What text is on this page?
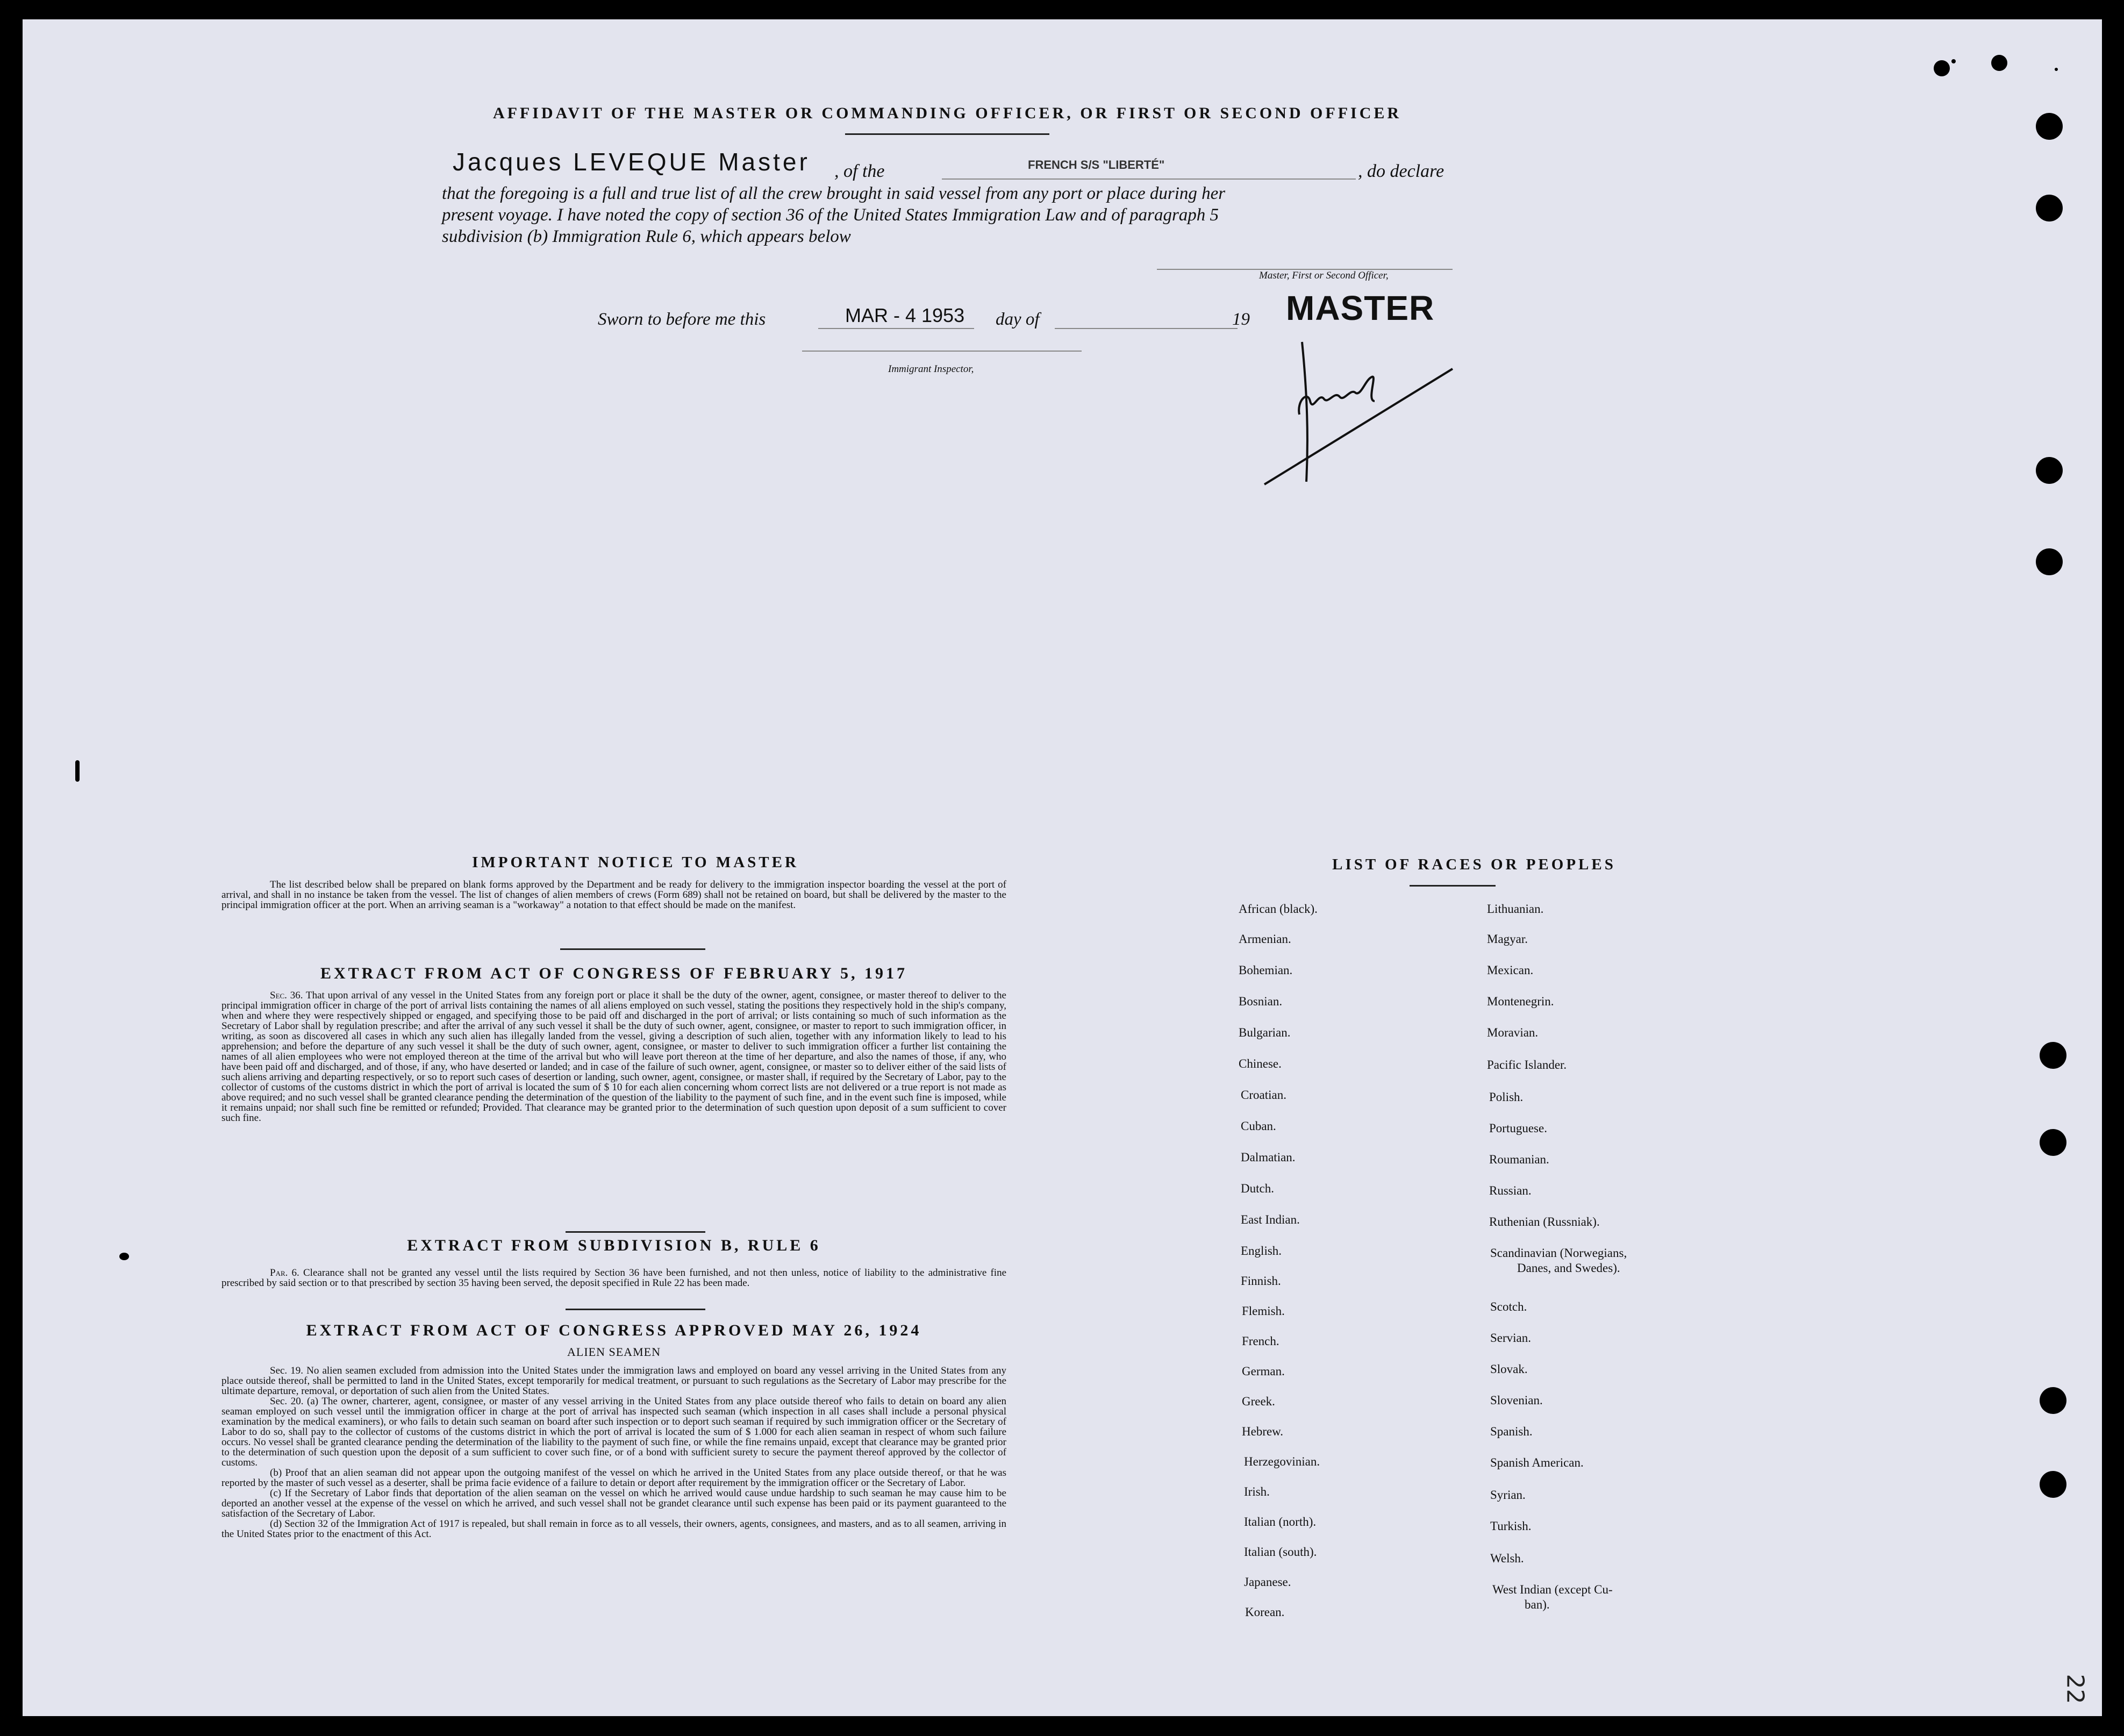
AFFIDAVIT OF THE MASTER OR COMMANDING OFFICER, OR FIRST OR SECOND OFFICER
Jacques LEVEQUE Master , of the	FRENCH S/S "LIBERTÉ"	, do declare
that the foregoing is a full and true list of all the crew brought in said vessel from any port or place during her
present voyage. I have noted the copy of section 36 of the United States Immigration Law and of paragraph 5
subdivision (b) Immigration Rule 6, which appears below
Master, First or Second Officer,
Sworn to before me this	MAR - 4 1953 day of	19 MASTER
Immigrant Inspector,
IMPORTANT NOTICE TO MASTER

The list described below shall be prepared on blank forms approved by the Department and be ready for delivery to the immigration inspector boarding the vessel at the port of arrival, and shall in no instance be taken from the vessel. The list of changes of alien members of crews (Form 689) shall not be retained on board, but shall be delivered by the master to the principal immigration officer at the port. When an arriving seaman is a "workaway" a notation to that effect should be made on the manifest.

EXTRACT FROM ACT OF CONGRESS OF FEBRUARY 5, 1917

Sec. 36. That upon arrival of any vessel in the United States from any foreign port or place it shall be the duty of the owner, agent, consignee, or master thereof to deliver to the principal immigration officer in charge of the port of arrival lists containing the names of all aliens employed on such vessel, stating the positions they respectively hold in the ship's company, when and where they were respectively shipped or engaged, and specifying those to be paid off and discharged in the port of arrival; or lists containing so much of such information as the Secretary of Labor shall by regulation prescribe; and after the arrival of any such vessel it shall be the duty of such owner, agent, consignee, or master to report to such immigration officer, in writing, as soon as discovered all cases in which any such alien has illegally landed from the vessel, giving a description of such alien, together with any information likely to lead to his apprehension; and before the departure of any such vessel it shall be the duty of such owner, agent, consignee, or master to deliver to such immigration officer a further list containing the names of all alien employees who were not employed thereon at the time of the arrival but who will leave port thereon at the time of her departure, and also the names of those, if any, who have been paid off and discharged, and of those, if any, who have deserted or landed; and in case of the failure of such owner, agent, consignee, or master so to deliver either of the said lists of such aliens arriving and departing respectively, or so to report such cases of desertion or landing, such owner, agent, consignee, or master shall, if required by the Secretary of Labor, pay to the collector of customs of the customs district in which the port of arrival is located the sum of $ 10 for each alien concerning whom correct lists are not delivered or a true report is not made as above required; and no such vessel shall be granted clearance pending the determination of the question of the liability to the payment of such fine, and in the event such fine is imposed, while it remains unpaid; nor shall such fine be remitted or refunded; Provided. That clearance may be granted prior to the determination of such question upon deposit of a sum sufficient to cover such fine.

EXTRACT FROM SUBDIVISION B, RULE 6

Par. 6. Clearance shall not be granted any vessel until the lists required by Section 36 have been furnished, and not then unless, notice of liability to the administrative fine prescribed by said section or to that prescribed by section 35 having been served, the deposit specified in Rule 22 has been made.

EXTRACT FROM ACT OF CONGRESS APPROVED MAY 26, 1924
ALIEN SEAMEN

Sec. 19. No alien seamen excluded from admission into the United States under the immigration laws and employed on board any vessel arriving in the United States from any place outside thereof, shall be permitted to land in the United States, except temporarily for medical treatment, or pursuant to such regulations as the Secretary of Labor may prescribe for the ultimate departure, removal, or deportation of such alien from the United States.

Sec. 20. (a) The owner, charterer, agent, consignee, or master of any vessel arriving in the United States from any place outside thereof who fails to detain on board any alien seaman employed on such vessel until the immigration officer in charge at the port of arrival has inspected such seaman (which inspection in all cases shall include a personal physical examination by the medical examiners), or who fails to detain such seaman on board after such inspection or to deport such seaman if required by such immigration officer or the Secretary of Labor to do so, shall pay to the collector of customs of the customs district in which the port of arrival is located the sum of $ 1.000 for each alien seaman in respect of whom such failure occurs. No vessel shall be granted clearance pending the determination of the liability to the payment of such fine, or while the fine remains unpaid, except that clearance may be granted prior to the determination of such question upon the deposit of a sum sufficient to cover such fine, or of a bond with sufficient surety to secure the payment thereof approved by the collector of customs.

(b) Proof that an alien seaman did not appear upon the outgoing manifest of the vessel on which he arrived in the United States from any place outside thereof, or that he was reported by the master of such vessel as a deserter, shall be prima facie evidence of a failure to detain or deport after requirement by the immigration officer or the Secretary of Labor.

(c) If the Secretary of Labor finds that deportation of the alien seaman on the vessel on which he arrived would cause undue hardship to such seaman he may cause him to be deported an another vessel at the expense of the vessel on which he arrived, and such vessel shall not be grandet clearance until such expense has been paid or its payment guaranteed to the satisfaction of the Secretary of Labor.

(d) Section 32 of the Immigration Act of 1917 is repealed, but shall remain in force as to all vessels, their owners, agents, consignees, and masters, and as to all seamen, arriving in the United States prior to the enactment of this Act.

LIST OF RACES OR PEOPLES
African (black).
Armenian.
Bohemian.
Bosnian.
Bulgarian.
Chinese.
Croatian.
Cuban.
Dalmatian.
Dutch.
East Indian.
English.
Finnish.
Flemish.
French.
German.
Greek.
Hebrew.
Herzegovinian.
Irish.
Italian (north).
Italian (south).
Japanese.
Korean.
Lithuanian.
Magyar.
Mexican.
Montenegrin.
Moravian.
Pacific Islander.
Polish.
Portuguese.
Roumanian.
Russian.
Ruthenian (Russniak).
Scandinavian (Norwegians,
Danes, and Swedes).
Scotch.
Servian.
Slovak.
Slovenian.
Spanish.
Spanish American.
Syrian.
Turkish.
Welsh.
West Indian (except Cu-
ban).
22
